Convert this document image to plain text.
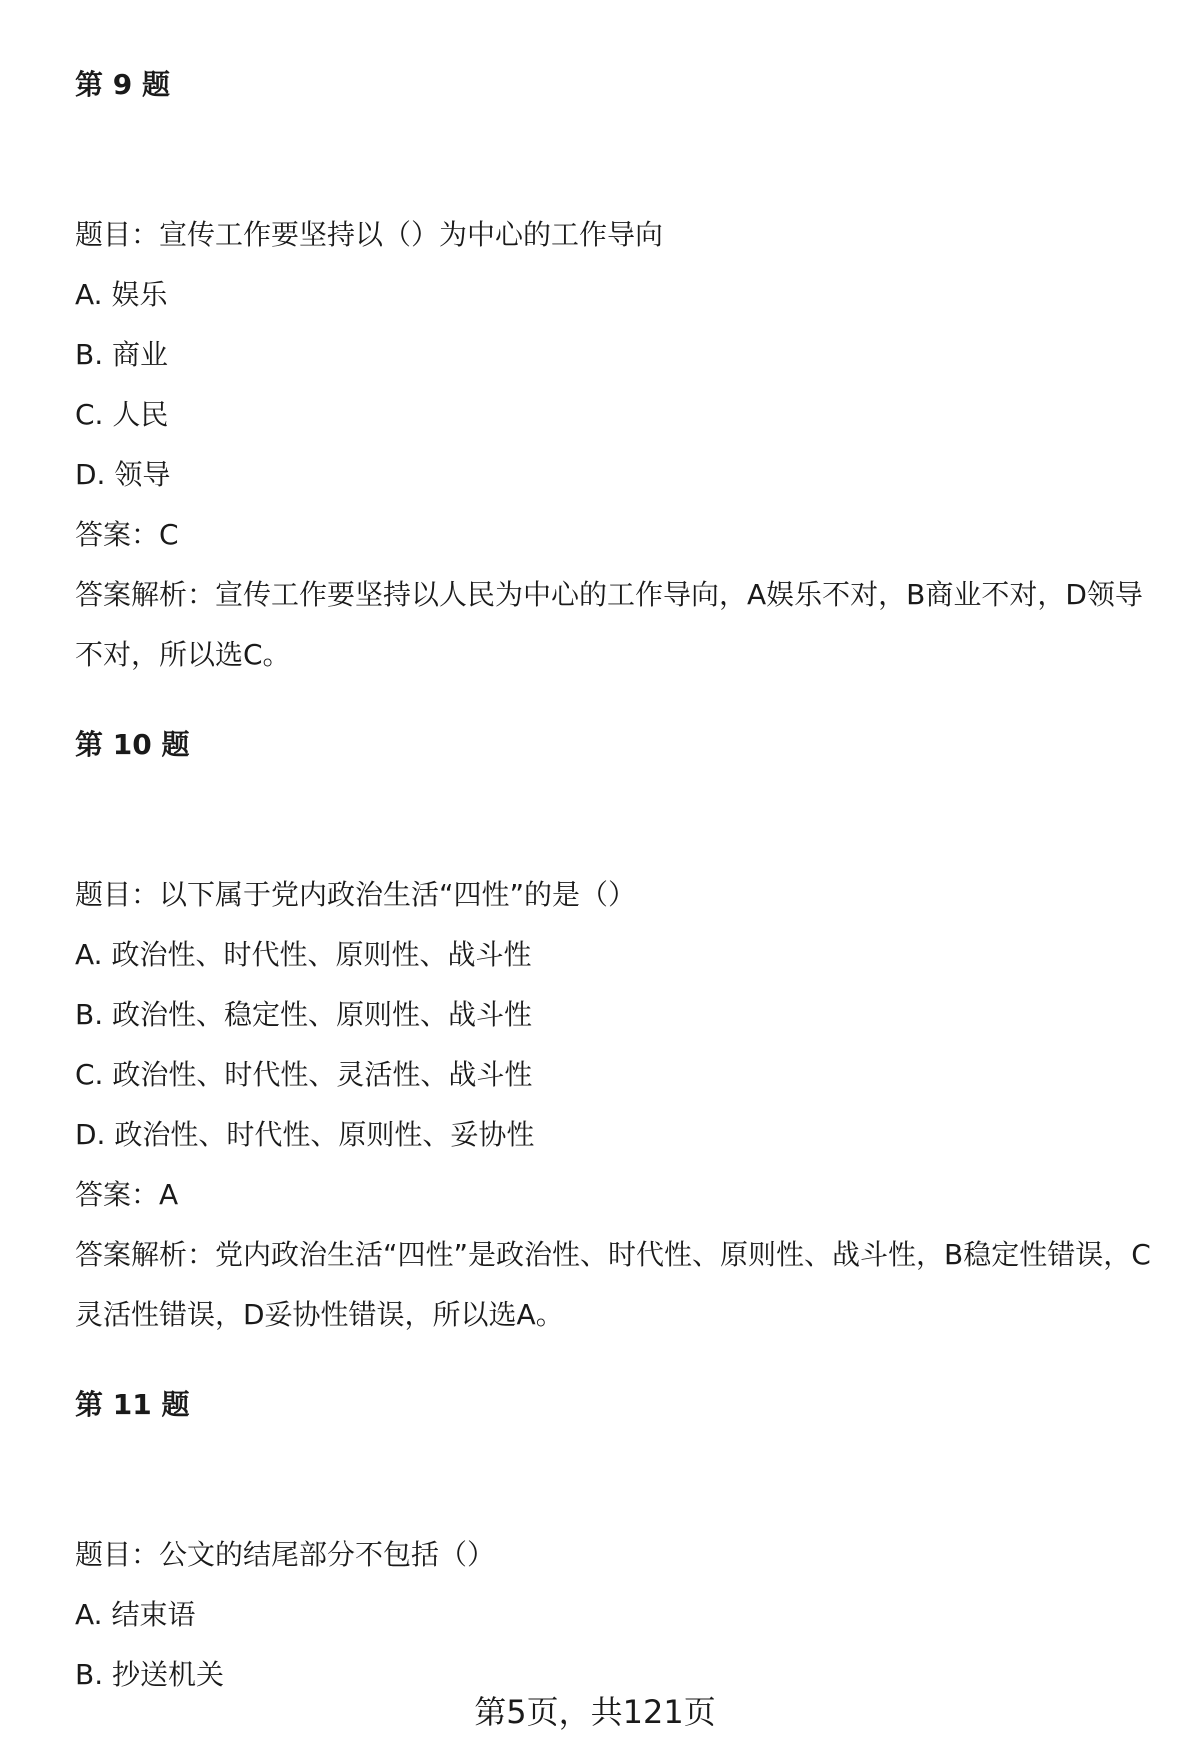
第 9 题
题目：宣传工作要坚持以（）为中心的工作导向
A. 娱乐
B. 商业
C. 人民
D. 领导
答案：C
答案解析：宣传工作要坚持以人民为中心的工作导向，A娱乐不对，B商业不对，D领导不对，所以选C。
第 10 题
题目：以下属于党内政治生活“四性”的是（）
A. 政治性、时代性、原则性、战斗性
B. 政治性、稳定性、原则性、战斗性
C. 政治性、时代性、灵活性、战斗性
D. 政治性、时代性、原则性、妥协性
答案：A
答案解析：党内政治生活“四性”是政治性、时代性、原则性、战斗性，B稳定性错误，C灵活性错误，D妥协性错误，所以选A。
第 11 题
题目：公文的结尾部分不包括（）
A. 结束语
B. 抄送机关
第5页，共121页
